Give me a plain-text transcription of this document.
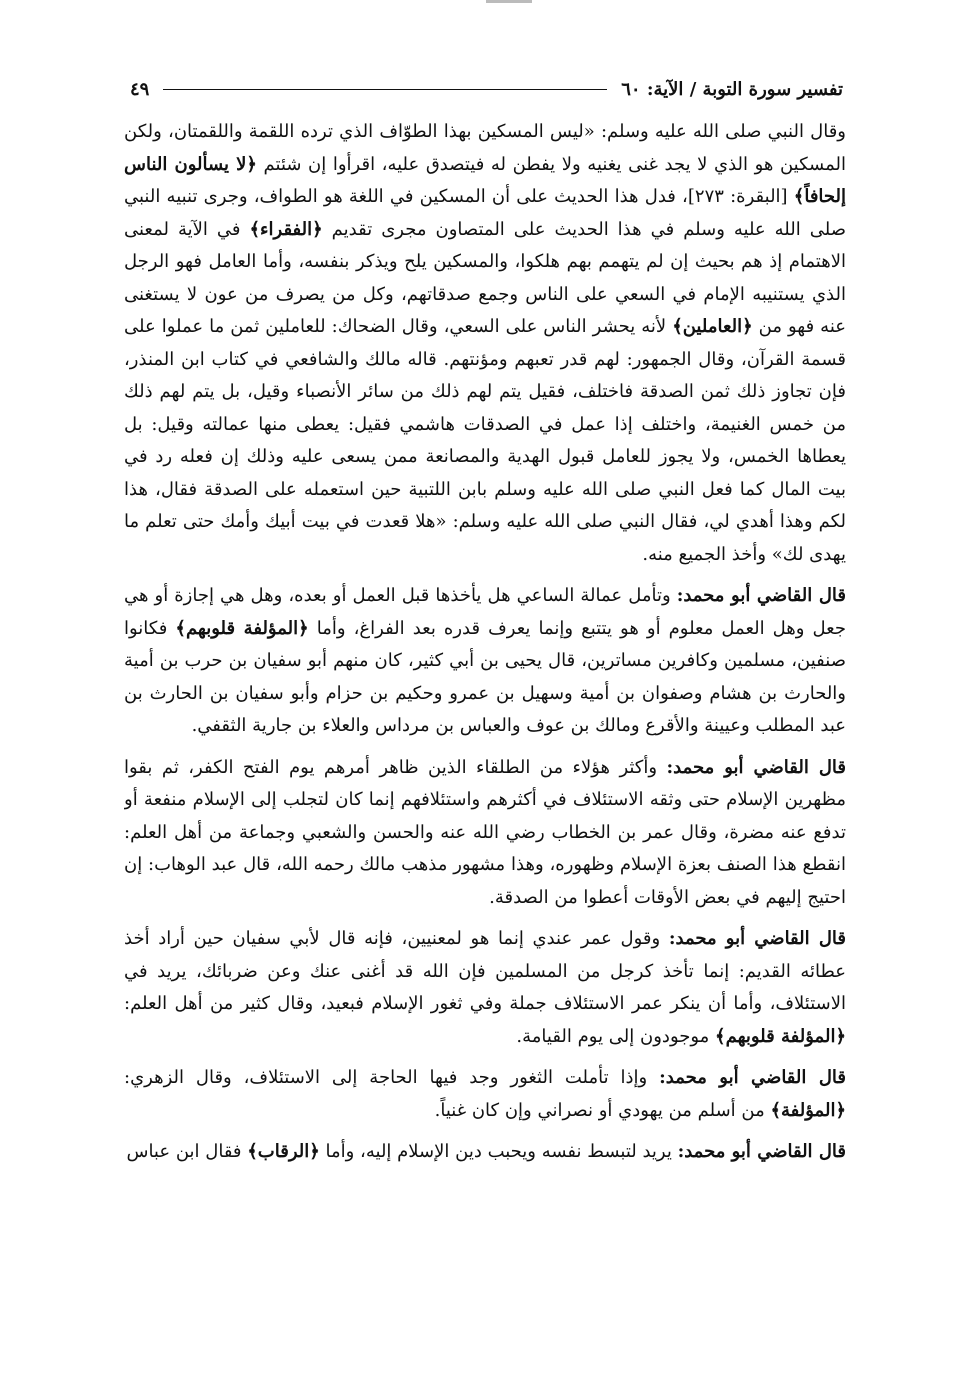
تفسير سورة التوبة / الآية: ٦٠
٤٩

وقال النبي صلى الله عليه وسلم: «ليس المسكين بهذا الطوّاف الذي ترده اللقمة واللقمتان، ولكن المسكين هو الذي لا يجد غنى يغنيه ولا يفطن له فيتصدق عليه، اقرأوا إن شئتم ﴿لا يسألون الناس إلحافاً﴾ [البقرة: ٢٧٣]، فدل هذا الحديث على أن المسكين في اللغة هو الطواف، وجرى تنبيه النبي صلى الله عليه وسلم في هذا الحديث على المتصاون مجرى تقديم ﴿الفقراء﴾ في الآية لمعنى الاهتمام إذ هم بحيث إن لم يتهمم بهم هلكوا، والمسكين يلح ويذكر بنفسه، وأما العامل فهو الرجل الذي يستنيبه الإمام في السعي على الناس وجمع صدقاتهم، وكل من يصرف من عون لا يستغنى عنه فهو من ﴿العاملين﴾ لأنه يحشر الناس على السعي، وقال الضحاك: للعاملين ثمن ما عملوا على قسمة القرآن، وقال الجمهور: لهم قدر تعبهم ومؤنتهم. قاله مالك والشافعي في كتاب ابن المنذر، فإن تجاوز ذلك ثمن الصدقة فاختلف، فقيل يتم لهم ذلك من سائر الأنصباء وقيل، بل يتم لهم ذلك من خمس الغنيمة، واختلف إذا عمل في الصدقات هاشمي فقيل: يعطى منها عمالته وقيل: بل يعطاها الخمس، ولا يجوز للعامل قبول الهدية والمصانعة ممن يسعى عليه وذلك إن فعله رد في بيت المال كما فعل النبي صلى الله عليه وسلم بابن اللتبية حين استعمله على الصدقة فقال، هذا لكم وهذا أهدي لي، فقال النبي صلى الله عليه وسلم: «هلا قعدت في بيت أبيك وأمك حتى تعلم ما يهدى لك» وأخذ الجميع منه.

قال القاضي أبو محمد: وتأمل عمالة الساعي هل يأخذها قبل العمل أو بعده، وهل هي إجازة أو هي جعل وهل العمل معلوم أو هو يتتبع وإنما يعرف قدره بعد الفراغ، وأما ﴿المؤلفة قلوبهم﴾ فكانوا صنفين، مسلمين وكافرين مساترين، قال يحيى بن أبي كثير، كان منهم أبو سفيان بن حرب بن أمية والحارث بن هشام وصفوان بن أمية وسهيل بن عمرو وحكيم بن حزام وأبو سفيان بن الحارث بن عبد المطلب وعيينة والأقرع ومالك بن عوف والعباس بن مرداس والعلاء بن جارية الثقفي.

قال القاضي أبو محمد: وأكثر هؤلاء من الطلقاء الذين ظاهر أمرهم يوم الفتح الكفر، ثم بقوا مظهرين الإسلام حتى وثقه الاستئلاف في أكثرهم واستئلافهم إنما كان لتجلب إلى الإسلام منفعة أو تدفع عنه مضرة، وقال عمر بن الخطاب رضي الله عنه والحسن والشعبي وجماعة من أهل العلم: انقطع هذا الصنف بعزة الإسلام وظهوره، وهذا مشهور مذهب مالك رحمه الله، قال عبد الوهاب: إن احتيج إليهم في بعض الأوقات أعطوا من الصدقة.

قال القاضي أبو محمد: وقول عمر عندي إنما هو لمعنيين، فإنه قال لأبي سفيان حين أراد أخذ عطائه القديم: إنما تأخذ كرجل من المسلمين فإن الله قد أغنى عنك وعن ضربائك، يريد في الاستئلاف، وأما أن ينكر عمر الاستئلاف جملة وفي ثغور الإسلام فبعيد، وقال كثير من أهل العلم: ﴿المؤلفة قلوبهم﴾ موجودون إلى يوم القيامة.

قال القاضي أبو محمد: وإذا تأملت الثغور وجد فيها الحاجة إلى الاستئلاف، وقال الزهري: ﴿المؤلفة﴾ من أسلم من يهودي أو نصراني وإن كان غنياً.

قال القاضي أبو محمد: يريد لتبسط نفسه ويحبب دين الإسلام إليه، وأما ﴿الرقاب﴾ فقال ابن عباس
